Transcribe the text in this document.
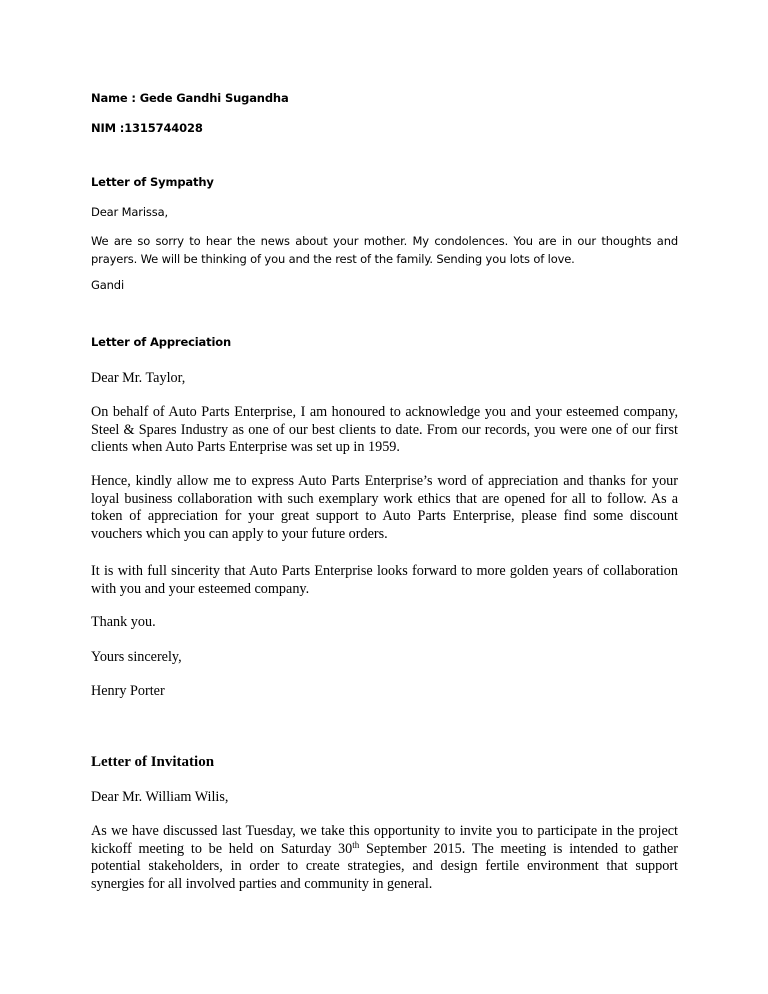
Name : Gede Gandhi Sugandha

NIM :1315744028

Letter of Sympathy

Dear Marissa,

We are so sorry to hear the news about your mother. My condolences. You are in our thoughts and prayers. We will be thinking of you and the rest of the family. Sending you lots of love.

Gandi

Letter of Appreciation

Dear Mr. Taylor,

On behalf of Auto Parts Enterprise, I am honoured to acknowledge you and your esteemed company, Steel & Spares Industry as one of our best clients to date. From our records, you were one of our first clients when Auto Parts Enterprise was set up in 1959.

Hence, kindly allow me to express Auto Parts Enterprise’s word of appreciation and thanks for your loyal business collaboration with such exemplary work ethics that are opened for all to follow. As a token of appreciation for your great support to Auto Parts Enterprise, please find some discount vouchers which you can apply to your future orders.

It is with full sincerity that Auto Parts Enterprise looks forward to more golden years of collaboration with you and your esteemed company.

Thank you.

Yours sincerely,

Henry Porter

Letter of Invitation

Dear Mr. William Wilis,

As we have discussed last Tuesday, we take this opportunity to invite you to participate in the project kickoff meeting to be held on Saturday 30th September 2015. The meeting is intended to gather potential stakeholders, in order to create strategies, and design fertile environment that support synergies for all involved parties and community in general.
